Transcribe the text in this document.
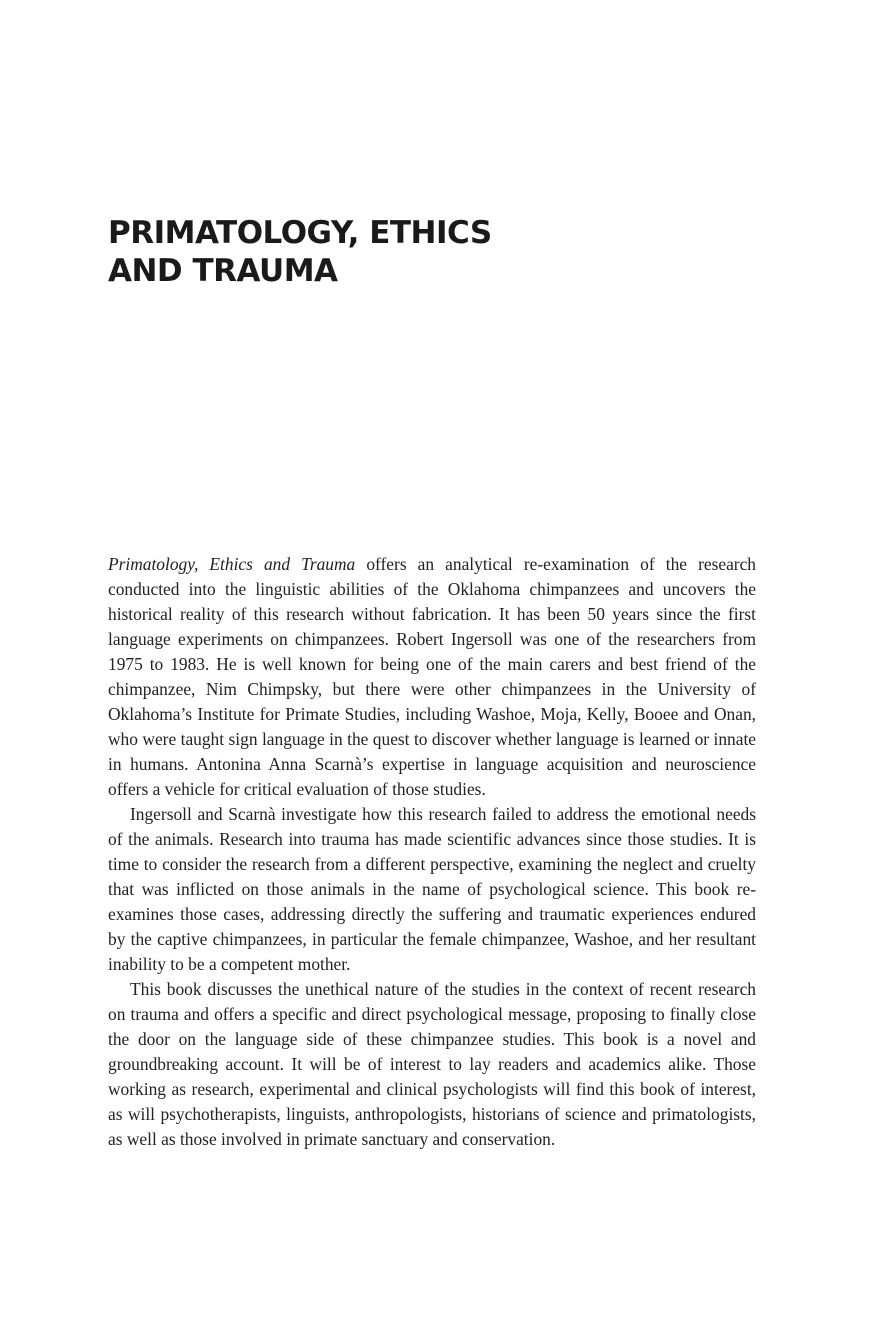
PRIMATOLOGY, ETHICS
AND TRAUMA

Primatology, Ethics and Trauma offers an analytical re-examination of the research conducted into the linguistic abilities of the Oklahoma chimpanzees and uncovers the historical reality of this research without fabrication. It has been 50 years since the first language experiments on chimpanzees. Robert Ingersoll was one of the researchers from 1975 to 1983. He is well known for being one of the main carers and best friend of the chimpanzee, Nim Chimpsky, but there were other chimpanzees in the University of Oklahoma’s Institute for Primate Studies, including Washoe, Moja, Kelly, Booee and Onan, who were taught sign language in the quest to discover whether language is learned or innate in humans. Antonina Anna Scarnà’s expertise in language acquisition and neuroscience offers a vehicle for critical evaluation of those studies.

Ingersoll and Scarnà investigate how this research failed to address the emotional needs of the animals. Research into trauma has made scientific advances since those studies. It is time to consider the research from a different perspective, examining the neglect and cruelty that was inflicted on those animals in the name of psychological science. This book re-examines those cases, addressing directly the suffering and traumatic experiences endured by the captive chimpanzees, in particular the female chimpanzee, Washoe, and her resultant inability to be a competent mother.

This book discusses the unethical nature of the studies in the context of recent research on trauma and offers a specific and direct psychological message, proposing to finally close the door on the language side of these chimpanzee studies. This book is a novel and groundbreaking account. It will be of interest to lay readers and academics alike. Those working as research, experimental and clinical psychologists will find this book of interest, as will psychotherapists, linguists, anthropologists, historians of science and primatologists, as well as those involved in primate sanctuary and conservation.
